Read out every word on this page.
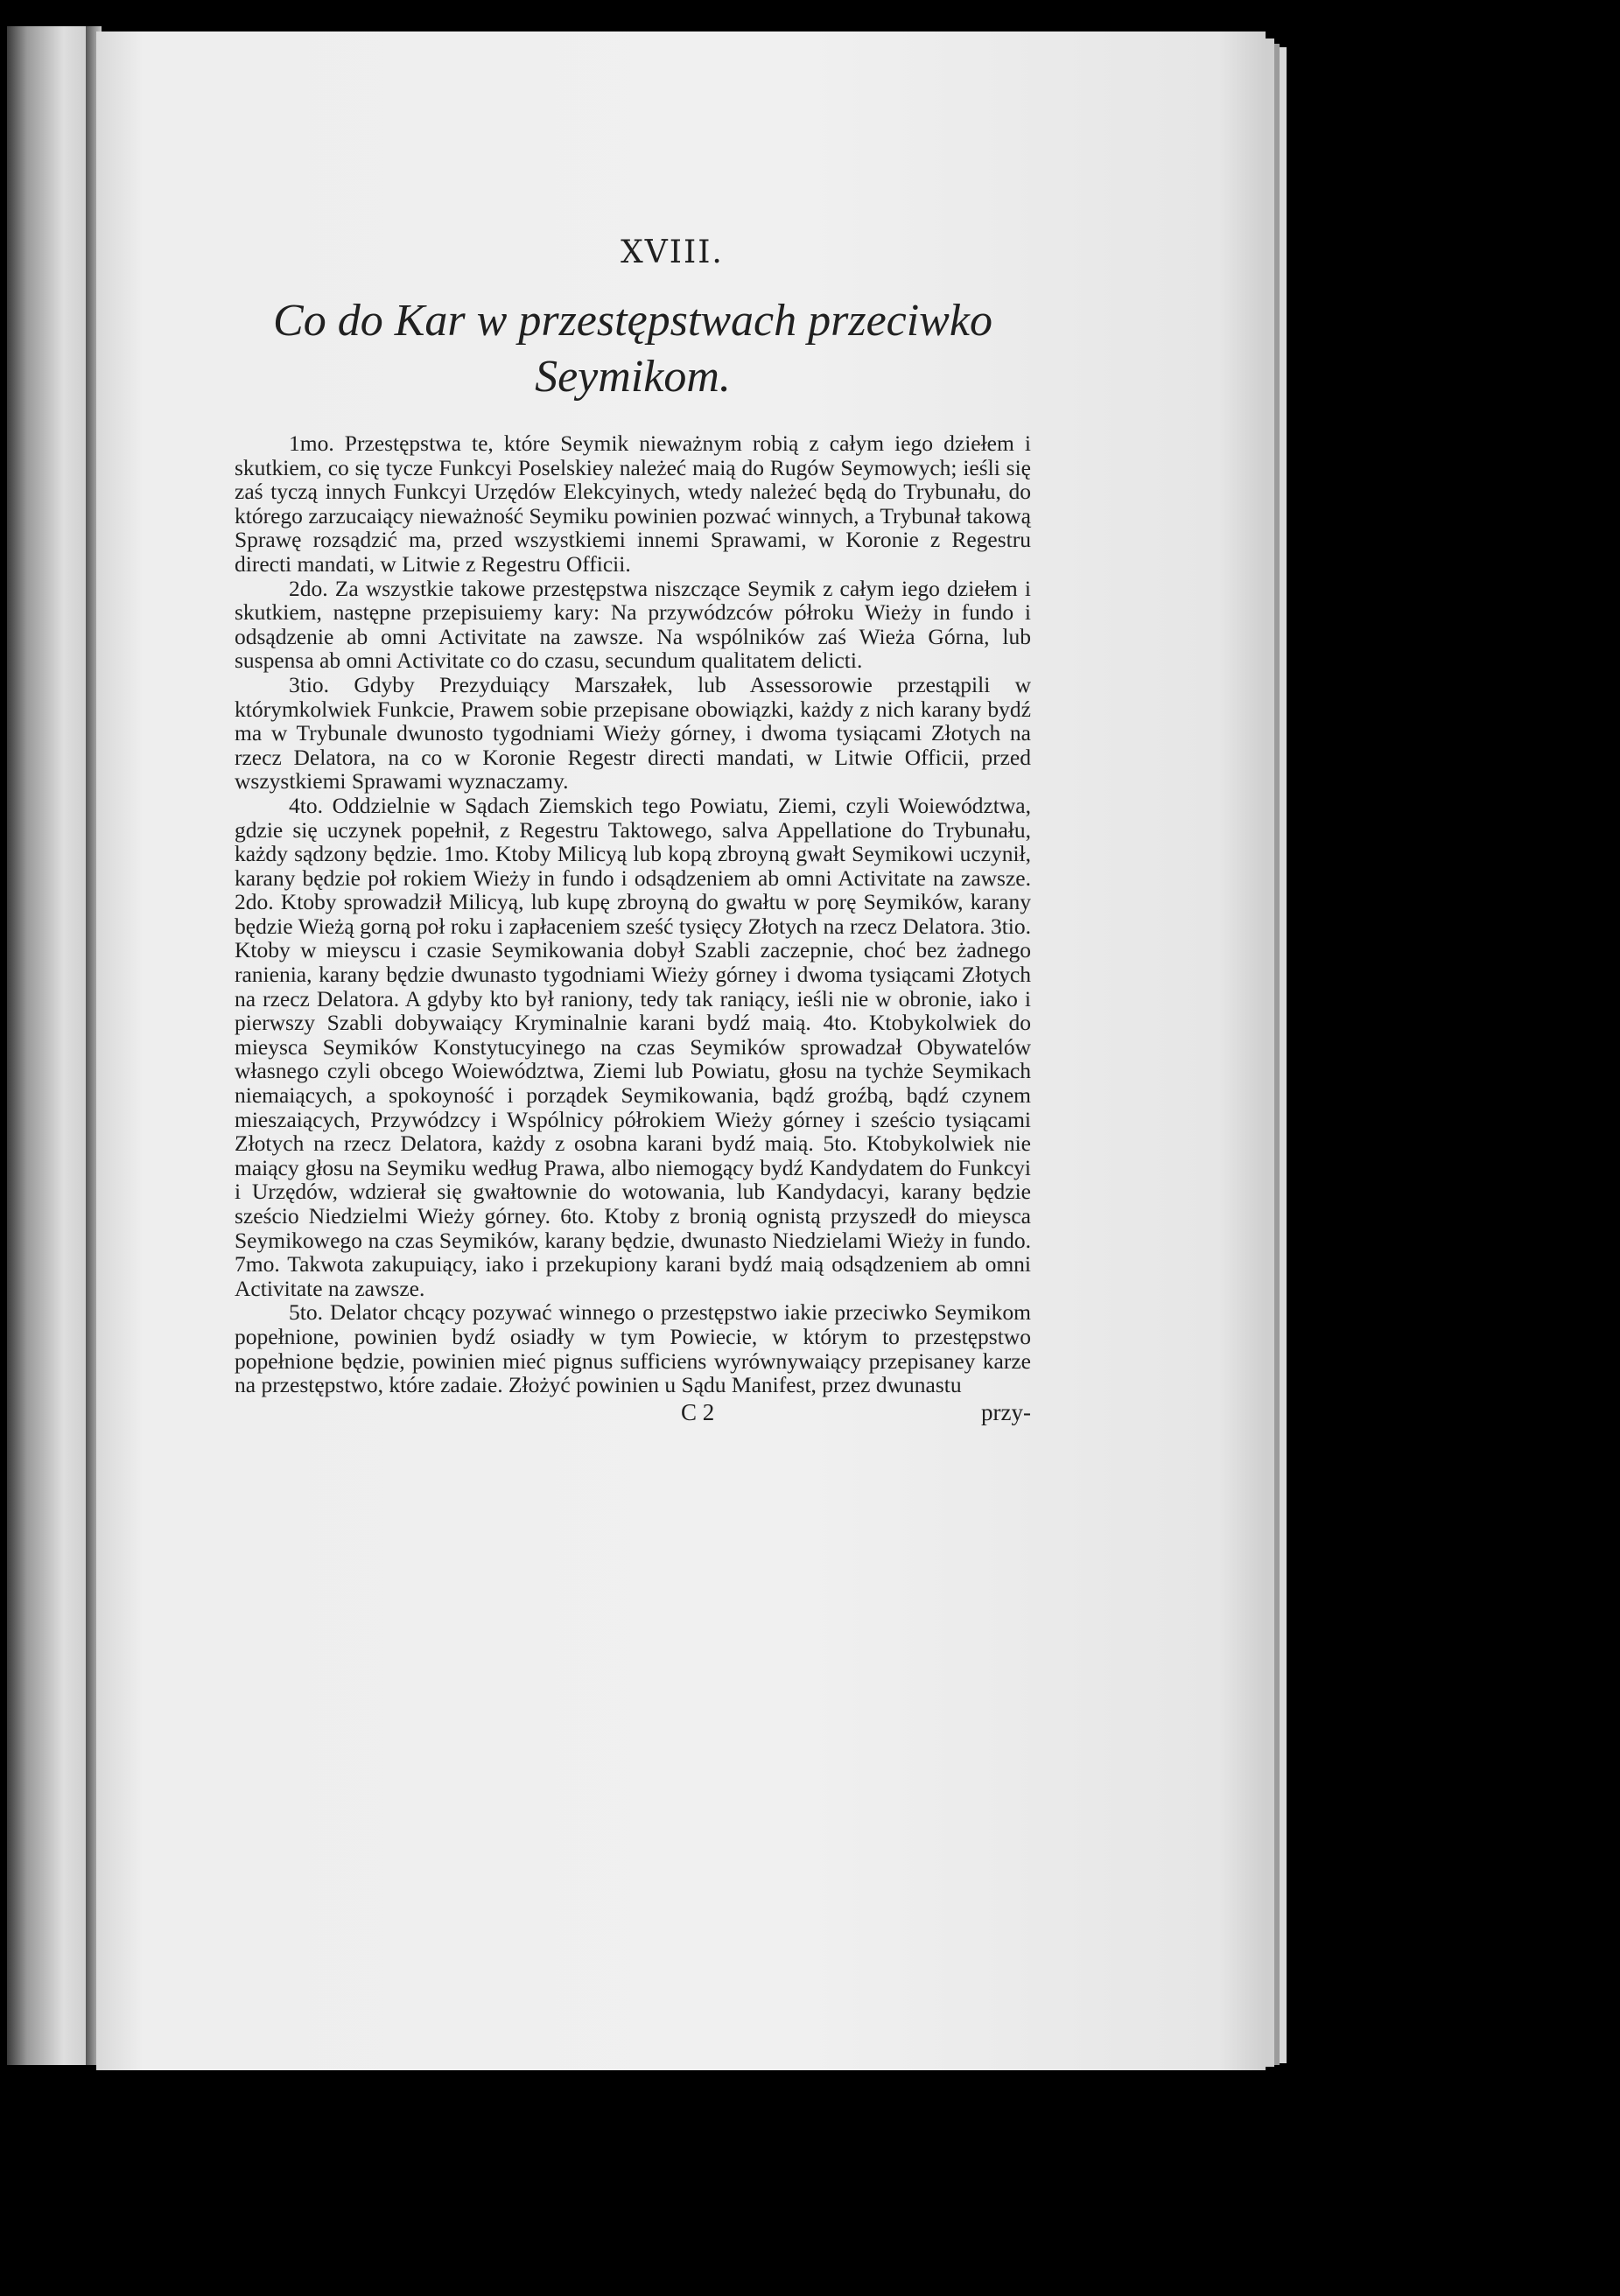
XVIII.
Co do Kar w przestępstwach przeciwko Seymikom.

1mo. Przestępstwa te, które Seymik nieważnym robią z całym iego dziełem i skutkiem, co się tycze Funkcyi Poselskiey należeć maią do Rugów Seymowych; ieśli się zaś tyczą innych Funkcyi Urzędów Elekcyinych, wtedy należeć będą do Trybunału, do którego zarzucaiący nieważność Seymiku powinien pozwać winnych, a Trybunał takową Sprawę rozsądzić ma, przed wszystkiemi innemi Sprawami, w Koronie z Regestru directi mandati, w Litwie z Regestru Officii.

2do. Za wszystkie takowe przestępstwa niszczące Seymik z całym iego dziełem i skutkiem, następne przepisuiemy kary: Na przywódzców półroku Wieży in fundo i odsądzenie ab omni Activitate na zawsze. Na wspólników zaś Wieża Górna, lub suspensa ab omni Activitate co do czasu, secundum qualitatem delicti.

3tio. Gdyby Prezyduiący Marszałek, lub Assessorowie przestąpili w którymkolwiek Funkcie, Prawem sobie przepisane obowiązki, każdy z nich karany bydź ma w Trybunale dwunosto tygodniami Wieży górney, i dwoma tysiącami Złotych na rzecz Delatora, na co w Koronie Regestr directi mandati, w Litwie Officii, przed wszystkiemi Sprawami wyznaczamy.

4to. Oddzielnie w Sądach Ziemskich tego Powiatu, Ziemi, czyli Woiewództwa, gdzie się uczynek popełnił, z Regestru Taktowego, salva Appellatione do Trybunału, każdy sądzony będzie. 1mo. Ktoby Milicyą lub kopą zbroyną gwałt Seymikowi uczynił, karany będzie poł rokiem Wieży in fundo i odsądzeniem ab omni Activitate na zawsze. 2do. Ktoby sprowadził Milicyą, lub kupę zbroyną do gwałtu w porę Seymików, karany będzie Wieżą gorną poł roku i zapłaceniem sześć tysięcy Złotych na rzecz Delatora. 3tio. Ktoby w mieyscu i czasie Seymikowania dobył Szabli zaczepnie, choć bez żadnego ranienia, karany będzie dwunasto tygodniami Wieży górney i dwoma tysiącami Złotych na rzecz Delatora. A gdyby kto był raniony, tedy tak raniący, ieśli nie w obronie, iako i pierwszy Szabli dobywaiący Kryminalnie karani bydź maią. 4to. Ktobykolwiek do mieysca Seymików Konstytucyinego na czas Seymików sprowadzał Obywatelów własnego czyli obcego Woiewództwa, Ziemi lub Powiatu, głosu na tychże Seymikach niemaiących, a spokoyność i porządek Seymikowania, bądź groźbą, bądź czynem mieszaiących, Przywódzcy i Wspólnicy półrokiem Wieży górney i sześcio tysiącami Złotych na rzecz Delatora, każdy z osobna karani bydź maią. 5to. Ktobykolwiek nie maiący głosu na Seymiku według Prawa, albo niemogący bydź Kandydatem do Funkcyi i Urzędów, wdzierał się gwałtownie do wotowania, lub Kandydacyi, karany będzie sześcio Niedzielmi Wieży górney. 6to. Ktoby z bronią ognistą przyszedł do mieysca Seymikowego na czas Seymików, karany będzie, dwunasto Niedzielami Wieży in fundo. 7mo. Takwota zakupuiący, iako i przekupiony karani bydź maią odsądzeniem ab omni Activitate na zawsze.

5to. Delator chcący pozywać winnego o przestępstwo iakie przeciwko Seymikom popełnione, powinien bydź osiadły w tym Powiecie, w którym to przestępstwo popełnione będzie, powinien mieć pignus sufficiens wyrównywaiący przepisaney karze na przestępstwo, które zadaie. Złożyć powinien u Sądu Manifest, przez dwunastu

C 2	przy-
